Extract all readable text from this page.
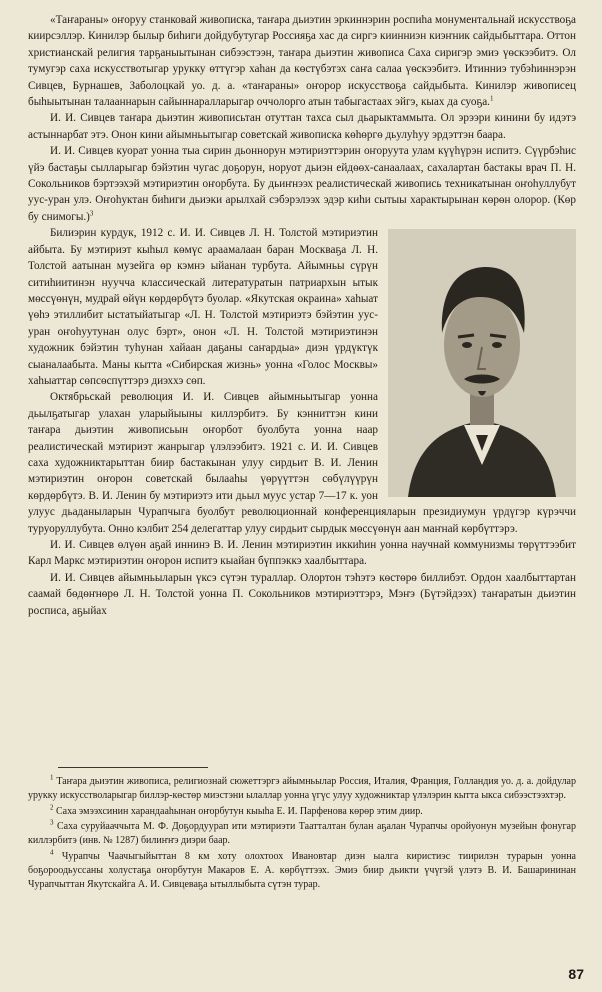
«Таҥараны» оҥоруу станковай живописка, таҥара дьиэтин эркиннэрин роспиһа монументальнай искусствоҕа киирсэллэр. Кинилэр былыр биһиги дойдубутугар Россияҕа хас да сиргэ киинниэн киэҥник сайдыбыттара. Оттон христианскай религия тарҕаныытынан сибээстээн, таҥара дьиэтин живописа Саха сиригэр эмиэ үөскээбитэ. Ол тумугэр саха искусствотыгар урукку өттүгэр хаһан да көстүбэтэх саҥа салаа үөскээбитэ. Итинниэ тубэһиннэрэн Сивцев, Бурнашев, Заболоцкай уо. д. а. «таҥараны» оҥорор искусствоҕа сайдыбыта. Кинилэр живописец быһыытынан талааннарын сайыннаралларыгар оччолорго атын табыгастаах эйгэ, кыах да суоҕа.$^1$

И. И. Сивцев таҥара дьиэтин живописьтан отуттан тахса сыл дьарыктаммыта. Ол эрээри кинини бу идэтэ астыннарбат этэ. Онон кини айымньытыгар советскай живописка көһөргө дьулуһуу эрдэттэн баара.

И. И. Сивцев куорат уонна тыа сирин дьоннорун мэтириэттэрин оҥоруута улам күүһүрэн испитэ. Сүүрбэһис үйэ бастаҕы сылларыгар бэйэтин чугас доҕорун, норуот дьиэн ейдөөх-санаалаах, сахалартан бастакы врач П. Н. Сокольников бэртээхэй мэтириэтин оҥорбута. Бу дьиҥнээх реалистическай живопись техникатынан оҥоһуллубут уус-уран улэ. Оҥоһуктан биһиги дьиэки арылхай сэбэрэлээх эдэр киһи сытыы характырынан көрөн олорор. (Көр бу снимогы.)$^3$

Билиэрин курдук, 1912 с. И. И. Сивцев Л. Н. Толстой мэтириэтин айбыта. Бу мэтириэт кыһыл көмүс араамалаан баран Москваҕа Л. Н. Толстой аатынан музейга өр кэмнэ ыйанан турбута. Айымньы сүрүн ситиһиитинэн нууччa классическай литературатын патриархын ытык мөссүөнүн, мудрай өйүн көрдөрбүтэ буолар. «Якутская окраина» хаһыат үөһэ этиллибит ыстатыйатыгар «Л. Н. Толстой мэтириэтэ бэйэтин уус-уран оҥоһуутунан олус бэрт», онон «Л. Н. Толстой мэтириэтинэн художник бэйэтин туһунан хайаан даҕаны саҥардыа» диэн үрдүктүк сыаналаабыта. Маны кытта «Сибирская жизнь» уонна «Голос Москвы» хаһыаттар сөпсөспүттэрэ диэххэ сөп.

Октябрьскай революция И. И. Сивцев айымньытыгар уонна дьылҕатыгар улахан уларыйыыны киллэрбитэ. Бу кэнниттэн кини таҥара дьиэтин живописьын оҥорбот буолбута уонна наар реалистическай мэтириэт жанрыгар үлэлээбитэ. 1921 с. И. И. Сивцев саха художниктарыттан бииp бастакынан улуу сирдьит В. И. Ленин мэтириэтин оҥорон советскай былааһы үөрүүттэн сөбүлүүрүн көрдөрбүтэ. В. И. Ленин бу мэтириэтэ ити дьыл муус устар 7—17 к. уон улуус дьаданыларын Чурапчыга буолбут революционнай конференцияларын президиумун үрдүгэр күрэччи туруоруллубута. Онно кэлбит 254 делегаттар улуу сирдьит сырдык мөссүөнүн аан маҥнай көрбүттэрэ.

И. И. Сивцев өлүөн аҕай иннинэ В. И. Ленин мэтириэтин иккиһин уонна научнай коммунизмы төрүттээбит Карл Маркс мэтириэтин оҥорон испитэ кыайан бүппэккэ хаалбыттара.

И. И. Сивцев айымньыларын үксэ сүтэн тураллар. Олортон тэһэтэ көстөрө биллибэт. Ордон хаалбыттартан саамай бөдөҥнөрө Л. Н. Толстой уонна П. Сокольников мэтириэттэрэ, Мэҥэ (Бүтэйдээх) таҥаратын дьиэтин росписа, аҕыйах

$^1$ Таҥара дьиэтин живописа, религиознай сюжеттэргэ айымньылар Россия, Италия, Франция, Голландия уо. д. а. дойдулар урукку искусстволарыгар биллэр-көстөр миэстэни ылаллар уонна үгүс улуу художниктар үлэлэрин кытта ыкса сибээстээхтэр.

$^2$ Саха эмээхсинин харандааһынан оҥорбутун кыыһа Е. И. Парфенова көрөр этим диир.

$^3$ Саха суруйааччыта М. Ф. Доҕордуурап ити мэтириэти Таатталтан булан аҕалан Чурапчы оройуонун музейын фонугар киллэрбитэ (инв. № 1287) билиҥҥэ диэри баар.

$^4$ Чурапчы Чаачыгыйыттан 8 км хоту олохтоох Ивановтар диэн ыалга киристиэс тиирилэн турарын уонна боҕороодьусcаны холустаҕа оҥорбутун Макаров Е. А. көрбүттээх. Эмиэ бииp дьикти үчүгэй үлэтэ В. И. Башарининан Чурапчыттан Якутскайга А. И. Сивцеваҕа ытыллыбыта сүтэн турар.

87
